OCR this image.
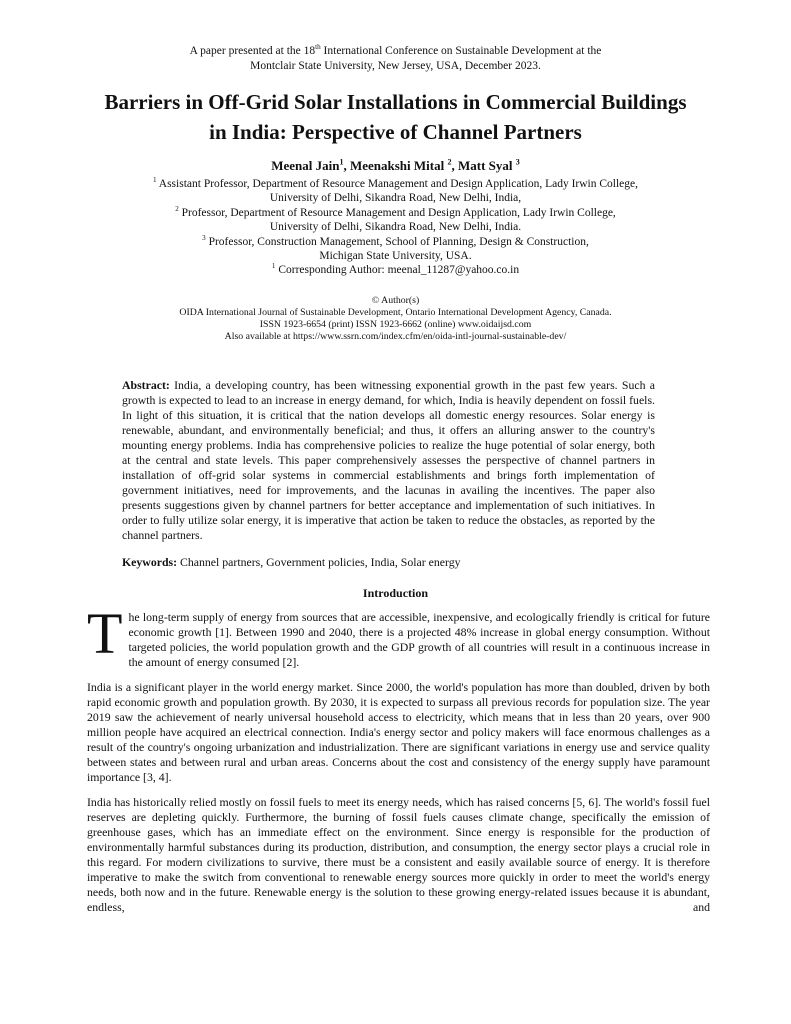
A paper presented at the 18th International Conference on Sustainable Development at the
Montclair State University, New Jersey, USA, December 2023.
Barriers in Off-Grid Solar Installations in Commercial Buildings in India: Perspective of Channel Partners
Meenal Jain$^1$, Meenakshi Mital $^2$, Matt Syal $^3$
$^1$ Assistant Professor, Department of Resource Management and Design Application, Lady Irwin College,
University of Delhi, Sikandra Road, New Delhi, India,
$^2$ Professor, Department of Resource Management and Design Application, Lady Irwin College,
University of Delhi, Sikandra Road, New Delhi, India.
$^3$ Professor, Construction Management, School of Planning, Design & Construction,
Michigan State University, USA.
$^1$ Corresponding Author: meenal_11287@yahoo.co.in
© Author(s)
OIDA International Journal of Sustainable Development, Ontario International Development Agency, Canada.
ISSN 1923-6654 (print) ISSN 1923-6662 (online) www.oidaijsd.com
Also available at https://www.ssrn.com/index.cfm/en/oida-intl-journal-sustainable-dev/
Abstract: India, a developing country, has been witnessing exponential growth in the past few years. Such a growth is expected to lead to an increase in energy demand, for which, India is heavily dependent on fossil fuels. In light of this situation, it is critical that the nation develops all domestic energy resources. Solar energy is renewable, abundant, and environmentally beneficial; and thus, it offers an alluring answer to the country's mounting energy problems. India has comprehensive policies to realize the huge potential of solar energy, both at the central and state levels. This paper comprehensively assesses the perspective of channel partners in installation of off-grid solar systems in commercial establishments and brings forth implementation of government initiatives, need for improvements, and the lacunas in availing the incentives. The paper also presents suggestions given by channel partners for better acceptance and implementation of such initiatives. In order to fully utilize solar energy, it is imperative that action be taken to reduce the obstacles, as reported by the channel partners.
Keywords: Channel partners, Government policies, India, Solar energy
Introduction
The long-term supply of energy from sources that are accessible, inexpensive, and ecologically friendly is critical for future economic growth [1]. Between 1990 and 2040, there is a projected 48% increase in global energy consumption. Without targeted policies, the world population growth and the GDP growth of all countries will result in a continuous increase in the amount of energy consumed [2].
India is a significant player in the world energy market. Since 2000, the world's population has more than doubled, driven by both rapid economic growth and population growth. By 2030, it is expected to surpass all previous records for population size. The year 2019 saw the achievement of nearly universal household access to electricity, which means that in less than 20 years, over 900 million people have acquired an electrical connection. India's energy sector and policy makers will face enormous challenges as a result of the country's ongoing urbanization and industrialization. There are significant variations in energy use and service quality between states and between rural and urban areas. Concerns about the cost and consistency of the energy supply have paramount importance [3, 4].
India has historically relied mostly on fossil fuels to meet its energy needs, which has raised concerns [5, 6]. The world's fossil fuel reserves are depleting quickly. Furthermore, the burning of fossil fuels causes climate change, specifically the emission of greenhouse gases, which has an immediate effect on the environment. Since energy is responsible for the production of environmentally harmful substances during its production, distribution, and consumption, the energy sector plays a crucial role in this regard. For modern civilizations to survive, there must be a consistent and easily available source of energy. It is therefore imperative to make the switch from conventional to renewable energy sources more quickly in order to meet the world's energy needs, both now and in the future. Renewable energy is the solution to these growing energy-related issues because it is abundant, endless, and
